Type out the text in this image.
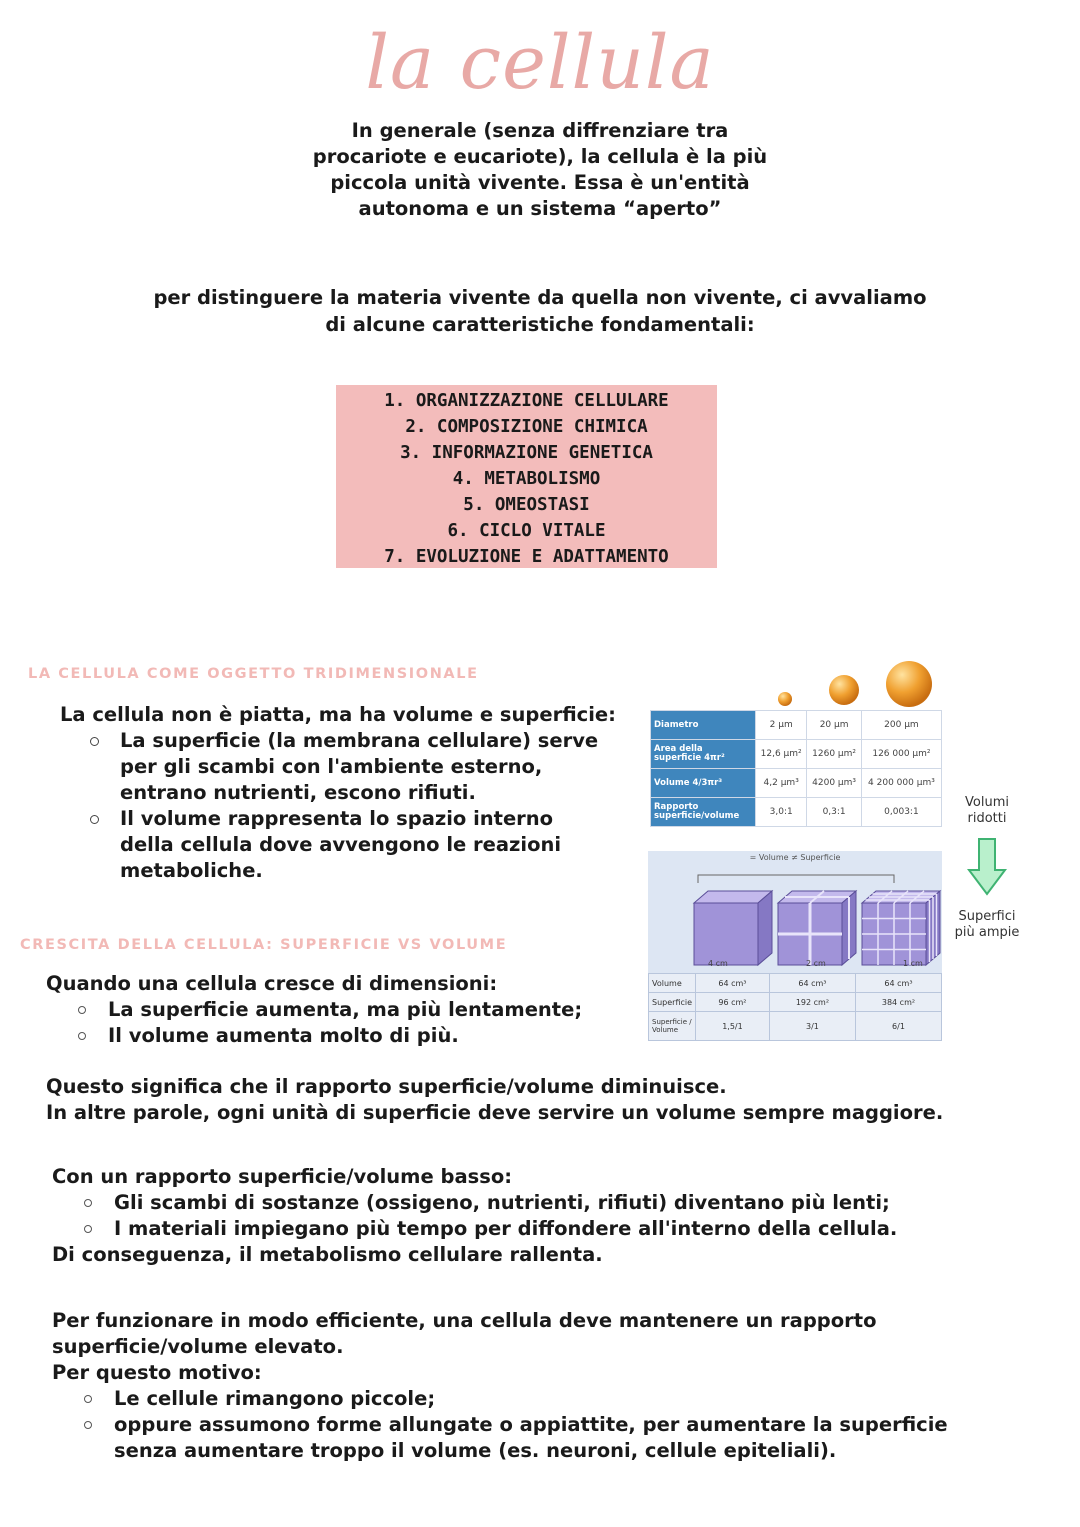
la cellula
In generale (senza diffrenziare tra
procariote e eucariote), la cellula è la più
piccola unità vivente. Essa è un'entità
autonoma e un sistema “aperto”
per distinguere la materia vivente da quella non vivente, ci avvaliamo
di alcune caratteristiche fondamentali:
1. ORGANIZZAZIONE CELLULARE
2. COMPOSIZIONE CHIMICA
3. INFORMAZIONE GENETICA
4. METABOLISMO
5. OMEOSTASI
6. CICLO VITALE
7. EVOLUZIONE E ADATTAMENTO
LA CELLULA COME OGGETTO TRIDIMENSIONALE

La cellula non è piatta, ma ha volume e superficie:

La superficie (la membrana cellulare) serve
per gli scambi con l'ambiente esterno,
entrano nutrienti, escono rifiuti.
Il volume rappresenta lo spazio interno
della cellula dove avvengono le reazioni
metaboliche.
CRESCITA DELLA CELLULA: SUPERFICIE VS VOLUME

Quando una cellula cresce di dimensioni:

La superficie aumenta, ma più lentamente;
Il volume aumenta molto di più.
Questo significa che il rapporto superficie/volume diminuisce.
In altre parole, ogni unità di superficie deve servire un volume sempre maggiore.

Con un rapporto superficie/volume basso:

Gli scambi di sostanze (ossigeno, nutrienti, rifiuti) diventano più lenti;
I materiali impiegano più tempo per diffondere all'interno della cellula.

Di conseguenza, il metabolismo cellulare rallenta.

Per funzionare in modo efficiente, una cellula deve mantenere un rapporto
superficie/volume elevato.
Per questo motivo:
Le cellule rimangono piccole;
oppure assumono forme allungate o appiattite, per aumentare la superficie
senza aumentare troppo il volume (es. neuroni, cellule epiteliali).
Diametro	2 μm	20 μm	200 μm
Area della superficie 4πr²	12,6 μm²	1260 μm²	126 000 μm²
Volume 4/3πr³	4,2 μm³	4200 μm³	4 200 000 μm³
Rapporto superficie/volume	3,0:1	0,3:1	0,003:1
= Volume ≠ Superficie
4 cm	2 cm	1 cm
Volume	64 cm³	64 cm³	64 cm³
Superficie	96 cm²	192 cm²	384 cm²
Superficie / Volume	1,5/1	3/1	6/1
Volumi
ridotti
Superfici
più ampie
